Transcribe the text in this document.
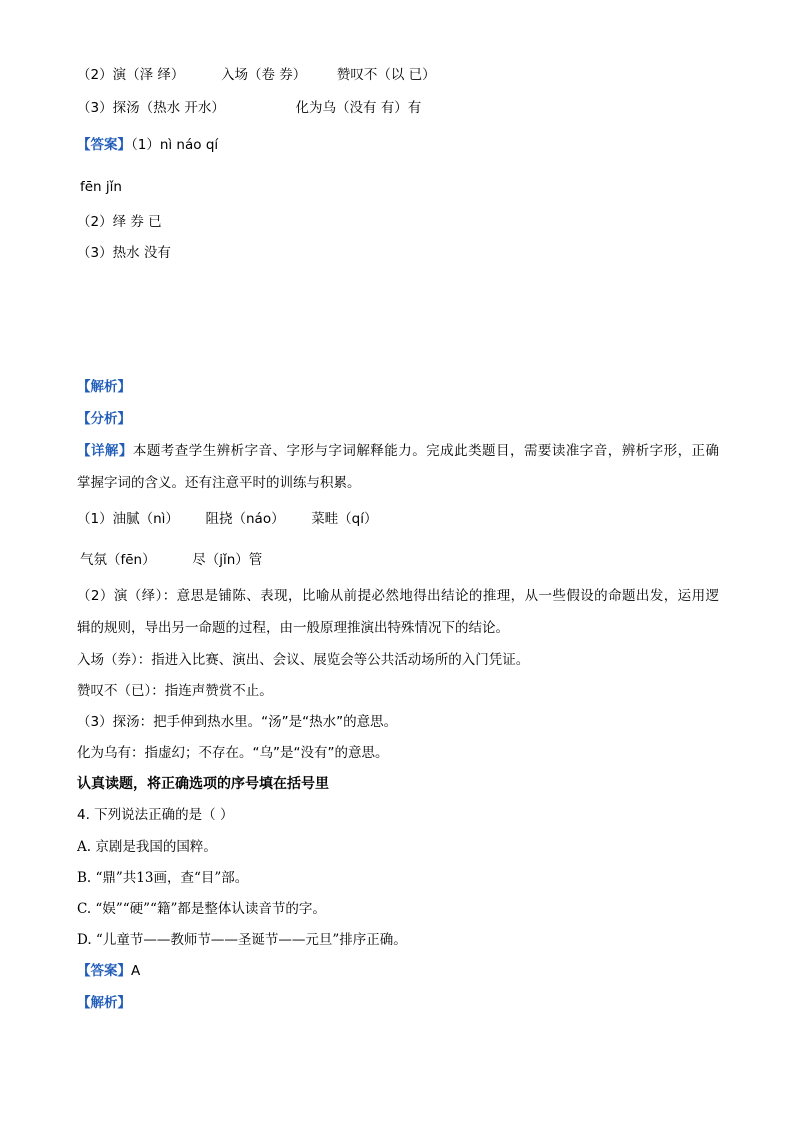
（2）演（泽 绎）	入场（卷 券） 赞叹不（以 已）
（3）探汤（热水 开水）	化为乌（没有 有）有
【答案】（1）nì náo qí
fēn jǐn
（2）绎 券 已
（3）热水 没有
【解析】
【分析】
【详解】本题考查学生辨析字音、字形与字词解释能力。完成此类题目，需要读准字音，辨析字形，正确
掌握字词的含义。还有注意平时的训练与积累。
（1）油腻（nì） 阻挠（náo） 菜畦（qí）
气氛（fēn）	尽（jǐn）管
（2）演（绎）：意思是铺陈、表现，比喻从前提必然地得出结论的推理，从一些假设的命题出发，运用逻
辑的规则，导出另一命题的过程，由一般原理推演出特殊情况下的结论。
入场（券）：指进入比赛、演出、会议、展览会等公共活动场所的入门凭证。
赞叹不（已）：指连声赞赏不止。
（3）探汤：把手伸到热水里。“汤”是“热水”的意思。
化为乌有：指虚幻；不存在。“乌”是“没有”的意思。
认真读题，将正确选项的序号填在括号里
4. 下列说法正确的是（ ）
A. 京剧是我国的国粹。
B. “鼎”共13画，查“目”部。
C. “娱”“硬”“籍”都是整体认读音节的字。
D. “儿童节——教师节——圣诞节——元旦”排序正确。
【答案】A
【解析】
